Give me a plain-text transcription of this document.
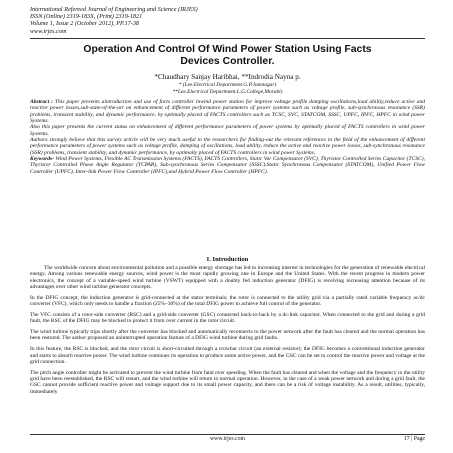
International Refereed Journal of Engineering and Science (IRJES)
ISSN (Online) 2319-183X, (Print) 2319-1821
Volume 1, Issue 2 (October 2012), PP.17-38
www.irjes.com
Operation And Control Of Wind Power Station Using Facts
Devices Controller.
*Chaudhary Sanjay Haribhai, **Indrodia Nayna p.
* (Lee.Electrical Department.G.P.Jamnagar)
**Lee.Electrical Department.L.G.College,Morabi)

Abstract : This paper presents aintroduction and use of facts controller inwind power station for improve voltage profile damping oscillations,load ability,reduce active and reactive power losses,sub-state-of-the-art on enhancement of different performance parameters of power systems such as voltage profile, sub-synchronous resonance (SSR) problems, transient stability, and dynamic performance, by optimally placed of FACTS controllers such as TCSC, SVC, STATCOM, SSSC, UPFC, IPFC, HPFC in wind power Systems.

Also this paper presents the current status on enhancement of different performance parameters of power systems by optimally placed of FACTS controllers in wind power Systems.

Authors strongly believe that this survey article will be very much useful to the researchers for finding-out the relevant references in the field of the enhancement of different performance parameters of power systems such as voltage profile, damping of oscillations, load ability, reduce the active and reactive power losses, sub-synchronous resonance (SSR) problems, transient stability, and dynamic performance, by optimally placed of FACTS controllers in wind power Systems.

Keywords- Wind Power Systems, Flexible AC Transmission Systems (FACTS), FACTS Controllers, Static Var Compensator (SVC), Thyristor Controlled Series Capacitor (TCSC), Thyristor Controlled Phase Angle Regulator (TCPAR), Sub-synchronous Series Compensator (SSSC),Static Synchronous Compensator (STATCOM), Unified Power Flow Controller (UPFC), Inter-link Power Flow Controller (IPFC),and Hybrid Power Flow Controller (HPFC).

I. Introduction

The worldwide concern about environmental pollution and a possible energy shortage has led to increasing interest in technologies for the generation of renewable electrical energy. Among various renewable energy sources, wind power is the most rapidly growing one in Europe and the United States. With the recent progress in modern power electronics, the concept of a variable-speed wind turbine (VSWT) equipped with a doubly fed induction generator (DFIG) is receiving increasing attention because of its advantages over other wind turbine generator concepts.

In the DFIG concept, the induction generator is grid-connected at the stator terminals; the rotor is connected to the utility grid via a partially rated variable frequency ac/dc converter (VFC), which only needs to handle a fraction (25%–30%) of the total DFIG power to achieve full control of the generator.

The VFC consists of a rotor-side converter (RSC) and a grid-side converter (GSC) connected back-to-back by a dc-link capacitor. When connected to the grid and during a grid fault, the RSC of the DFIG may be blocked to protect it from over current in the rotor circuit.

The wind turbine typically trips shortly after the converter has blocked and automatically reconnects to the power network after the fault has cleared and the normal operation has been restored. The author proposed an uninterrupted operation feature of a DFIG wind turbine during grid faults.

In this feature, the RSC is blocked, and the rotor circuit is short-circuited through a crowbar circuit (an external resistor); the DFIG becomes a conventional induction generator and starts to absorb reactive power. The wind turbine continues its operation to produce some active power, and the GSC can be set to control the reactive power and voltage at the grid connection.

The pitch angle controller might be activated to prevent the wind turbine from fatal over speeding. When the fault has cleared and when the voltage and the frequency in the utility grid have been reestablished, the RSC will restart, and the wind turbine will return to normal operation. However, in the case of a weak power network and during a grid fault, the GSC cannot provide sufficient reactive power and voltage support due to its small power capacity, and there can be a risk of voltage instability. As a result, utilities, typically, immediately

www.irjes.com	17 | Page
